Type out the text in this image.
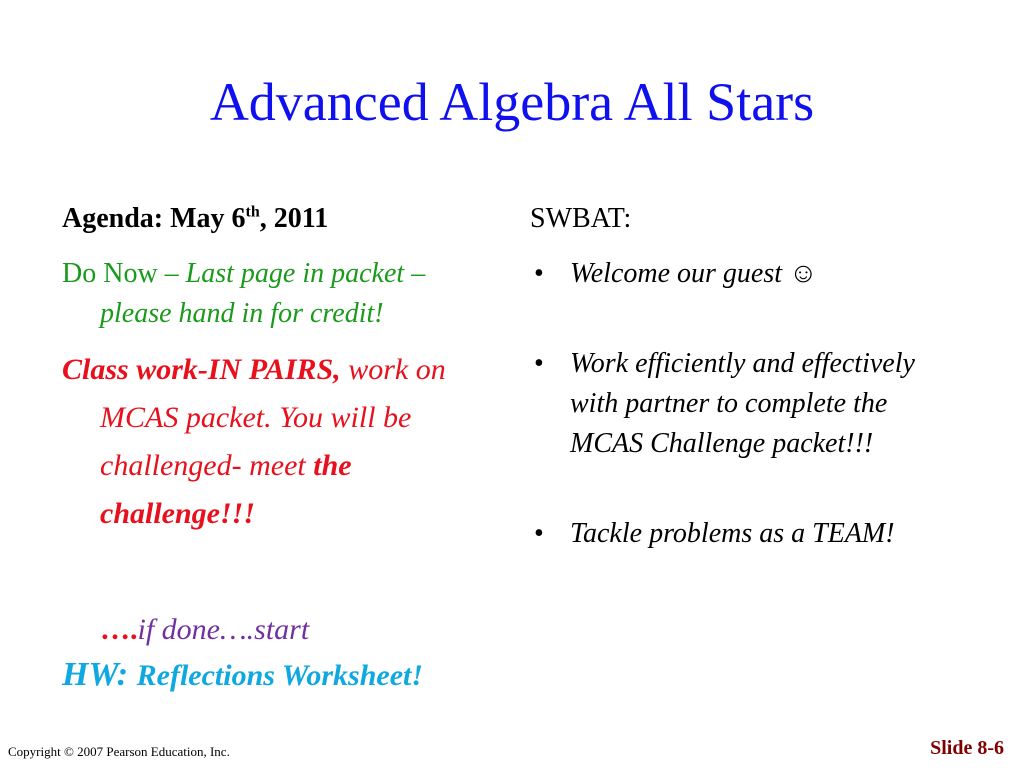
Advanced Algebra All Stars
Agenda: May 6th, 2011
Do Now – Last page in packet – please hand in for credit!
Class work-IN PAIRS, work on MCAS packet. You will be challenged- meet the challenge!!!
….if done….start
HW: Reflections Worksheet!
SWBAT:
• Welcome our guest ☺
• Work efficiently and effectively with partner to complete the MCAS Challenge packet!!!
• Tackle problems as a TEAM!
Copyright © 2007 Pearson Education, Inc.	Slide 8-6
